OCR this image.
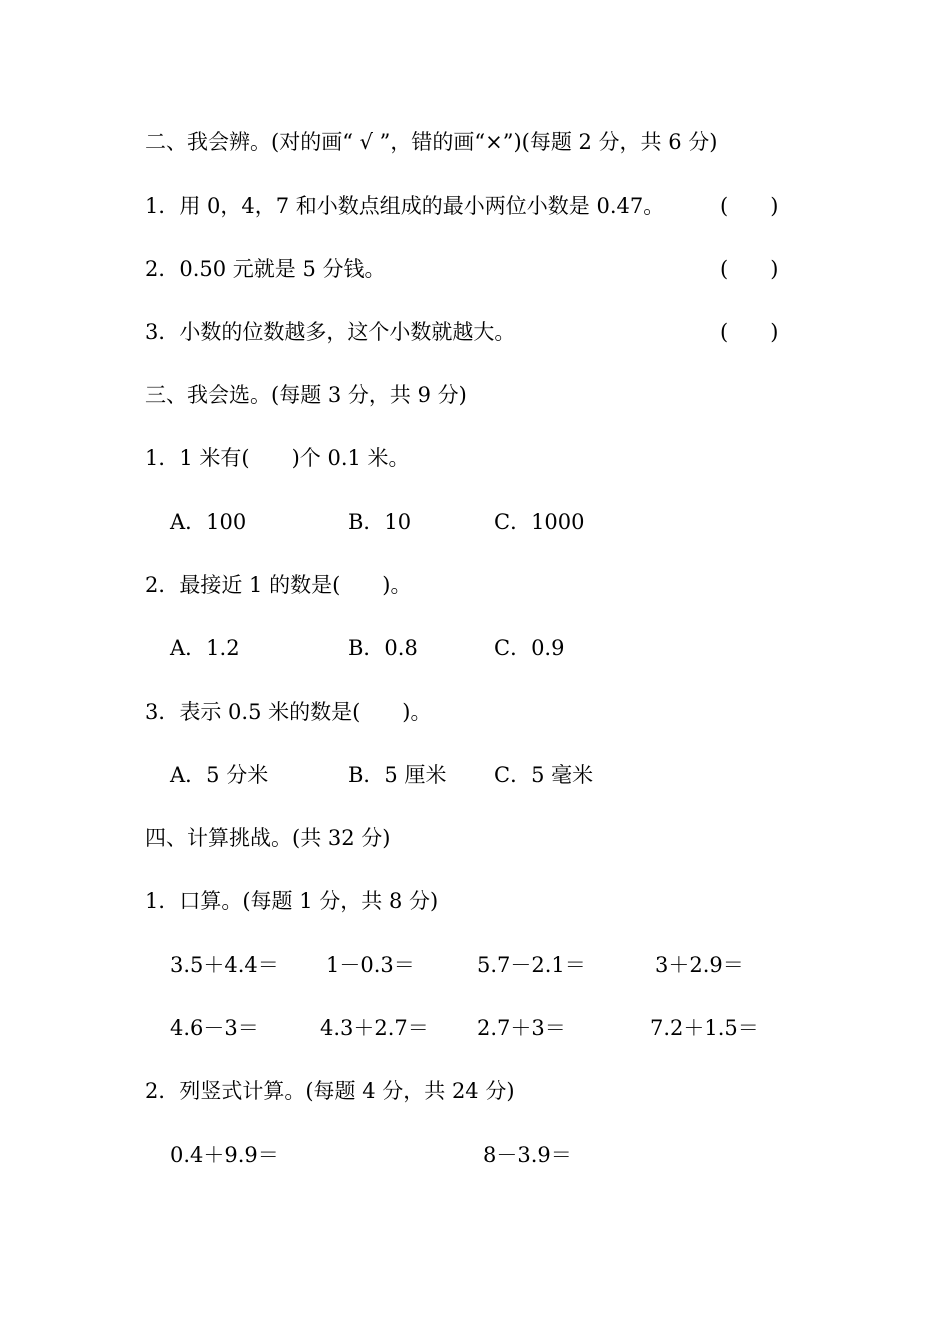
二、我会辨。(对的画“ √ ”，错的画“×”)(每题 2 分，共 6 分)
1．用 0，4，7 和小数点组成的最小两位小数是 0.47。	(　　)
2．0.50 元就是 5 分钱。	(　　)
3．小数的位数越多，这个小数就越大。	(　　)
三、我会选。(每题 3 分，共 9 分)
1．1 米有(　　)个 0.1 米。
A．100	B．10	C．1000
2．最接近 1 的数是(　　)。
A．1.2	B．0.8	C．0.9
3．表示 0.5 米的数是(　　)。
A．5 分米	B．5 厘米 C．5 毫米
四、计算挑战。(共 32 分)
1．口算。(每题 1 分，共 8 分)
3.5＋4.4＝ 1－0.3＝	5.7－2.1＝	3＋2.9＝
4.6－3＝	4.3＋2.7＝ 2.7＋3＝	7.2＋1.5＝
2．列竖式计算。(每题 4 分，共 24 分)
0.4＋9.9＝	8－3.9＝
